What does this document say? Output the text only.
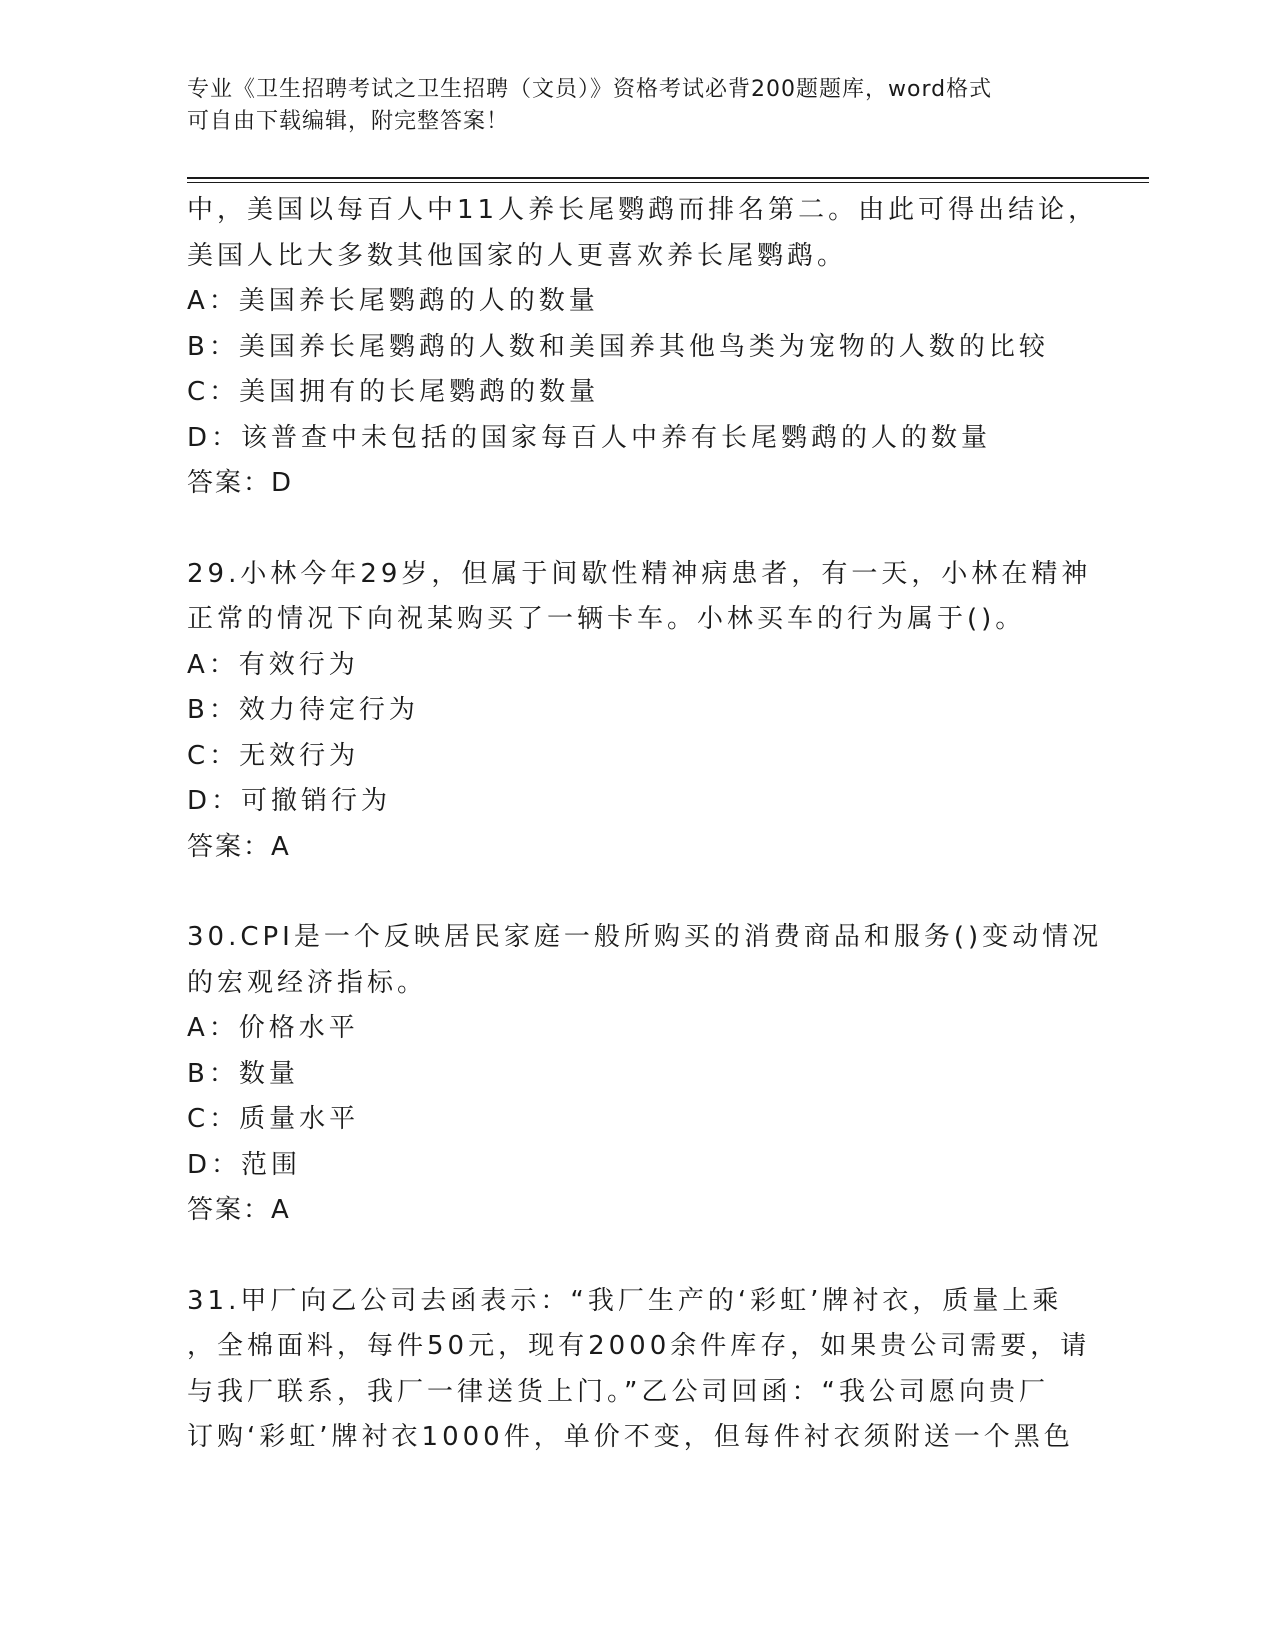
专业《卫生招聘考试之卫生招聘（文员）》资格考试必背200题题库，word格式
可自由下载编辑，附完整答案！
中，美国以每百人中11人养长尾鹦鹉而排名第二。由此可得出结论，
美国人比大多数其他国家的人更喜欢养长尾鹦鹉。
A：美国养长尾鹦鹉的人的数量
B：美国养长尾鹦鹉的人数和美国养其他鸟类为宠物的人数的比较
C：美国拥有的长尾鹦鹉的数量
D：该普查中未包括的国家每百人中养有长尾鹦鹉的人的数量
答案：D
29.小林今年29岁，但属于间歇性精神病患者，有一天，小林在精神
正常的情况下向祝某购买了一辆卡车。小林买车的行为属于()。
A：有效行为
B：效力待定行为
C：无效行为
D：可撤销行为
答案：A
30.CPI是一个反映居民家庭一般所购买的消费商品和服务()变动情况
的宏观经济指标。
A：价格水平
B：数量
C：质量水平
D：范围
答案：A
31.甲厂向乙公司去函表示：“我厂生产的‘彩虹’牌衬衣，质量上乘
，全棉面料，每件50元，现有2000余件库存，如果贵公司需要，请
与我厂联系，我厂一律送货上门。”乙公司回函：“我公司愿向贵厂
订购‘彩虹’牌衬衣1000件，单价不变，但每件衬衣须附送一个黑色
